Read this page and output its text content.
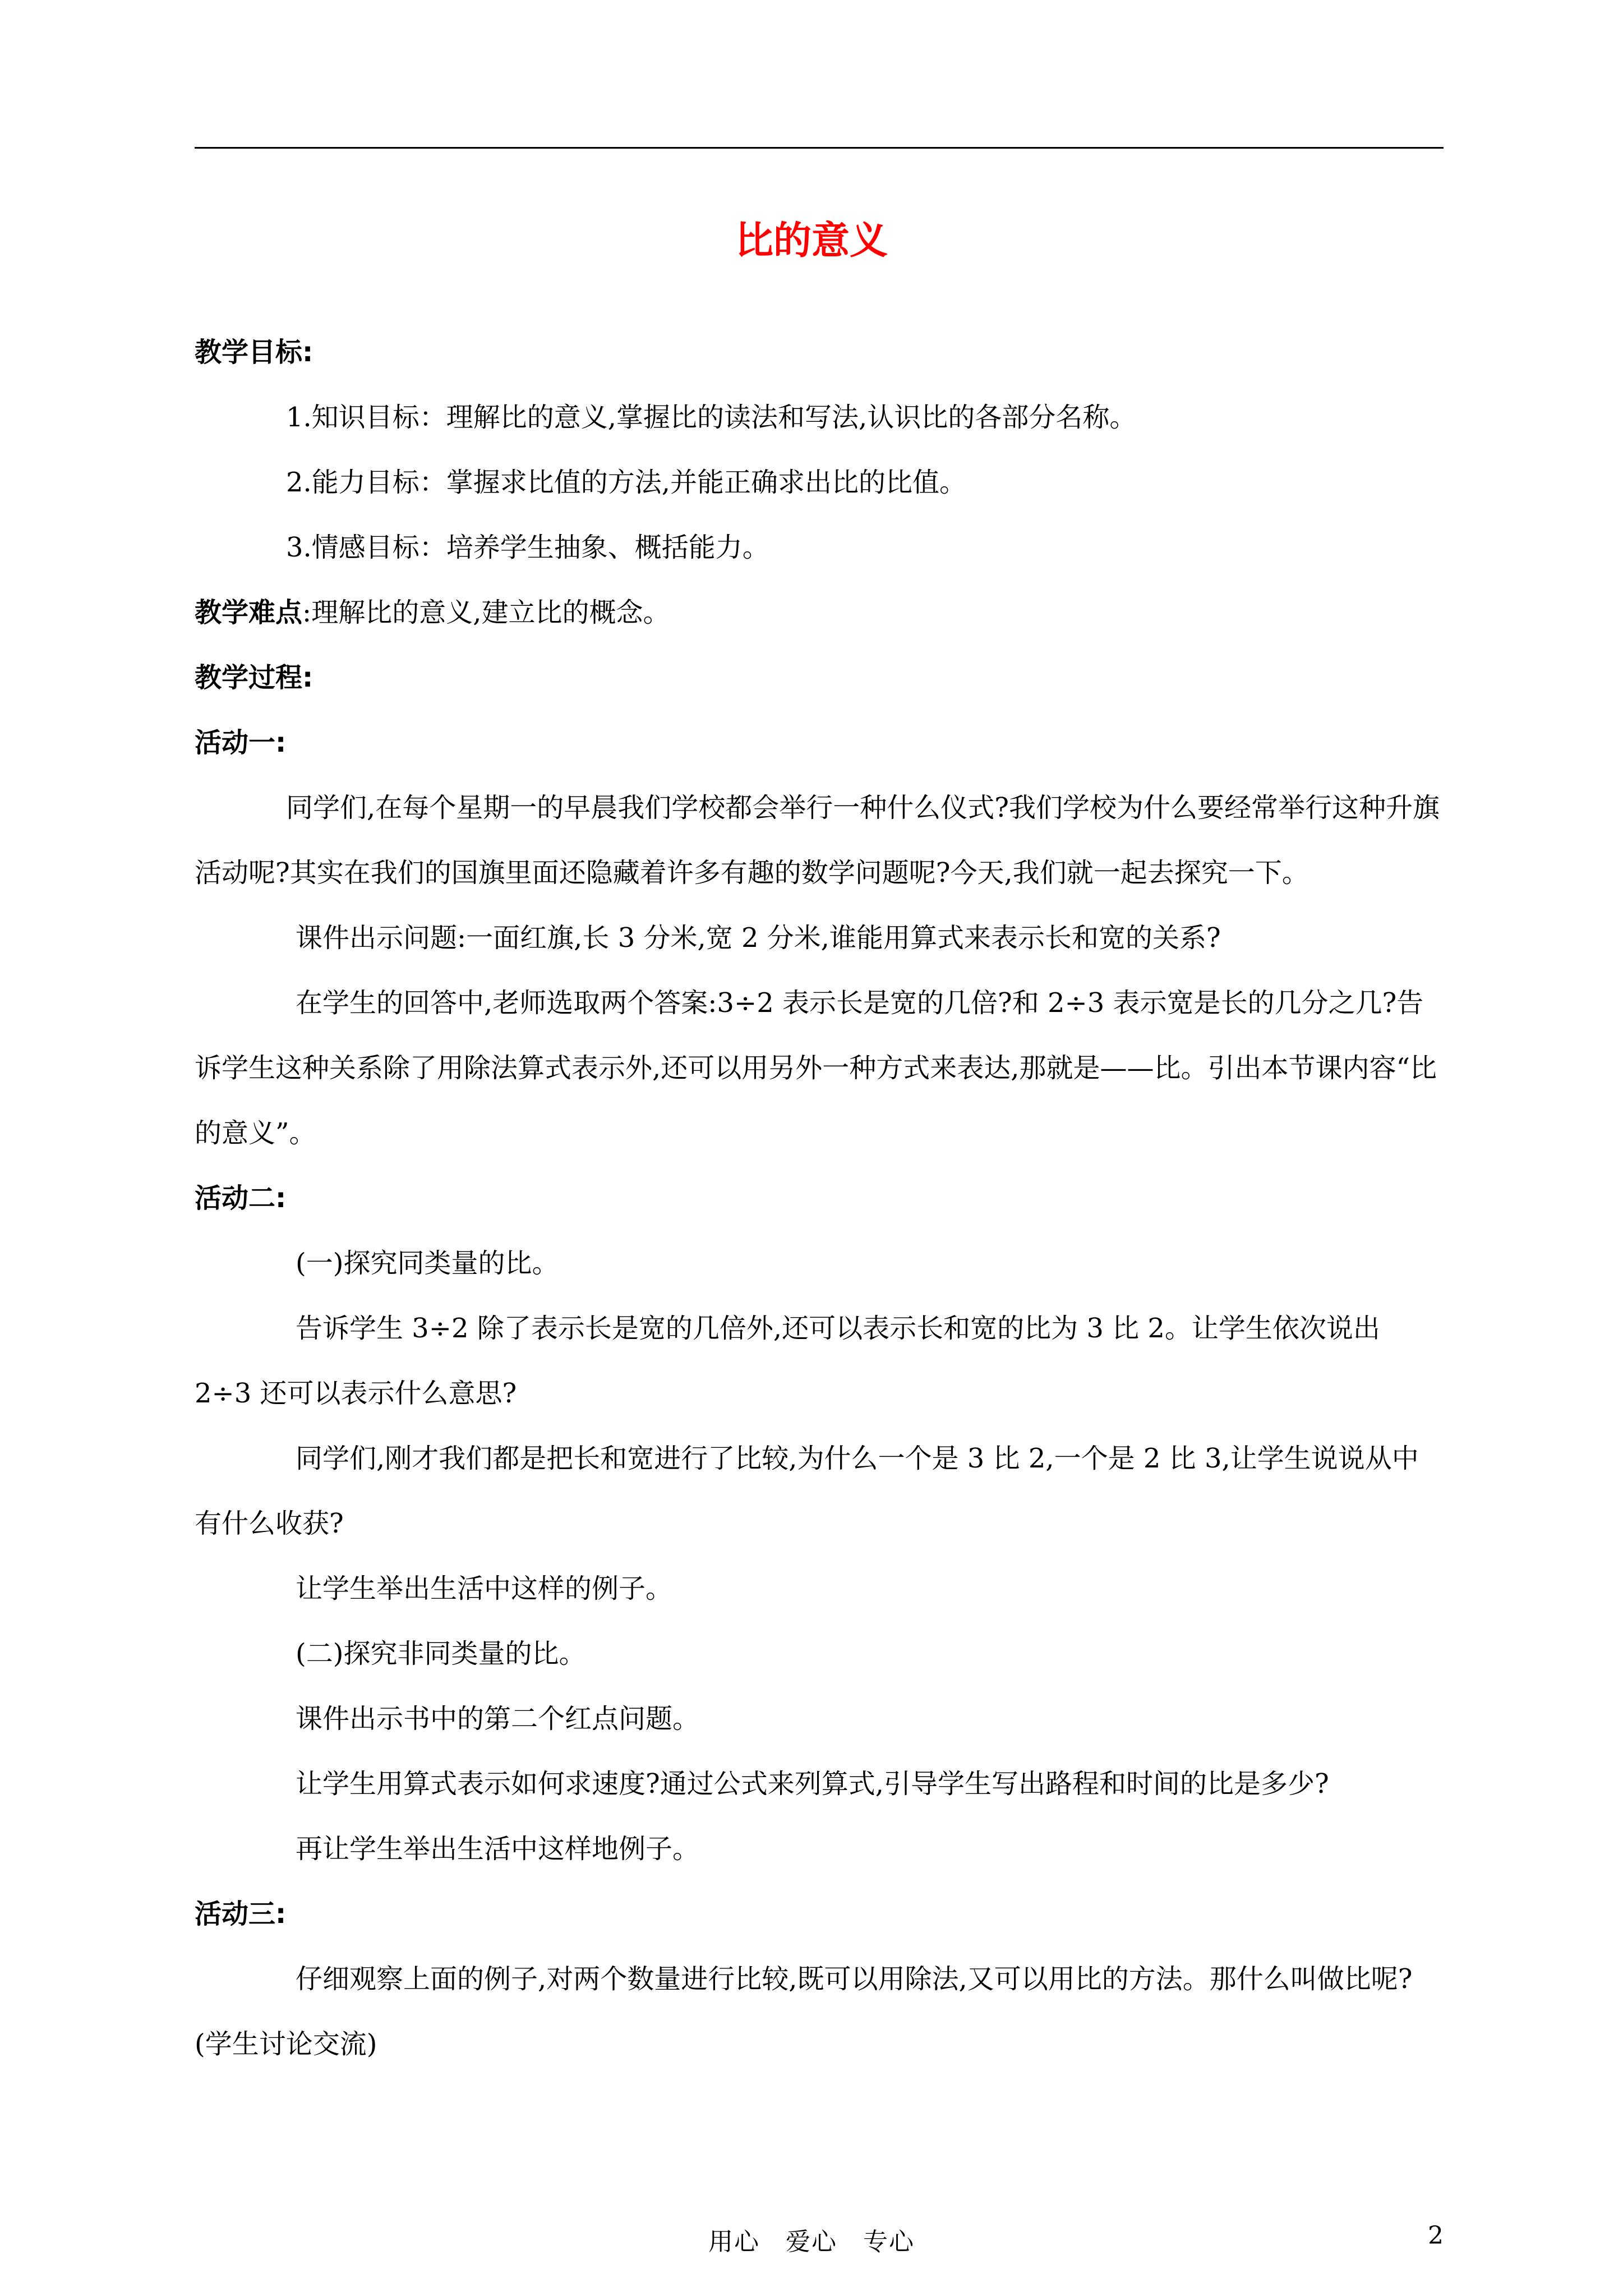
比的意义

教学目标:

1.知识目标：理解比的意义,掌握比的读法和写法,认识比的各部分名称。

2.能力目标：掌握求比值的方法,并能正确求出比的比值。

3.情感目标：培养学生抽象、概括能力。

教学难点:理解比的意义,建立比的概念。

教学过程:

活动一:

同学们,在每个星期一的早晨我们学校都会举行一种什么仪式?我们学校为什么要经常举行这种升旗活动呢?其实在我们的国旗里面还隐藏着许多有趣的数学问题呢?今天,我们就一起去探究一下。

课件出示问题:一面红旗,长 3 分米,宽 2 分米,谁能用算式来表示长和宽的关系?

在学生的回答中,老师选取两个答案:3÷2 表示长是宽的几倍?和 2÷3 表示宽是长的几分之几?告诉学生这种关系除了用除法算式表示外,还可以用另外一种方式来表达,那就是——比。引出本节课内容“比的意义”。

活动二:

(一)探究同类量的比。

告诉学生 3÷2 除了表示长是宽的几倍外,还可以表示长和宽的比为 3 比 2。让学生依次说出 2÷3 还可以表示什么意思?

同学们,刚才我们都是把长和宽进行了比较,为什么一个是 3 比 2,一个是 2 比 3,让学生说说从中有什么收获?

让学生举出生活中这样的例子。

(二)探究非同类量的比。

课件出示书中的第二个红点问题。

让学生用算式表示如何求速度?通过公式来列算式,引导学生写出路程和时间的比是多少?

再让学生举出生活中这样地例子。

活动三:

仔细观察上面的例子,对两个数量进行比较,既可以用除法,又可以用比的方法。那什么叫做比呢?(学生讨论交流)

用心　爱心　专心	2
